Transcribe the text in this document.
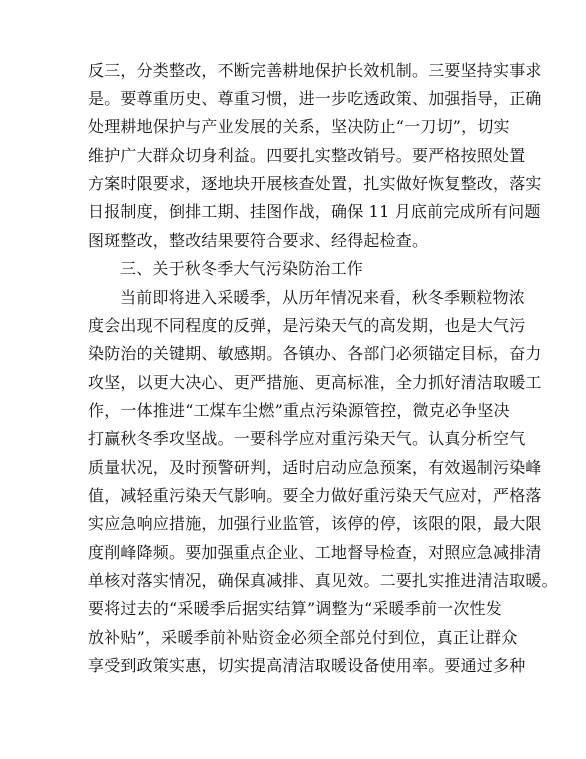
反三，分类整改，不断完善耕地保护长效机制。三要坚持实事求
是。要尊重历史、尊重习惯，进一步吃透政策、加强指导，正确
处理耕地保护与产业发展的关系，坚决防止“一刀切”，切实
维护广大群众切身利益。四要扎实整改销号。要严格按照处置
方案时限要求，逐地块开展核查处置，扎实做好恢复整改，落实
日报制度，倒排工期、挂图作战，确保 11 月底前完成所有问题
图斑整改，整改结果要符合要求、经得起检查。
三、关于秋冬季大气污染防治工作
当前即将进入采暖季，从历年情况来看，秋冬季颗粒物浓
度会出现不同程度的反弹，是污染天气的高发期，也是大气污
染防治的关键期、敏感期。各镇办、各部门必须锚定目标，奋力
攻坚，以更大决心、更严措施、更高标准，全力抓好清洁取暖工
作，一体推进“工煤车尘燃”重点污染源管控，微克必争坚决
打赢秋冬季攻坚战。一要科学应对重污染天气。认真分析空气
质量状况，及时预警研判，适时启动应急预案，有效遏制污染峰
值，减轻重污染天气影响。要全力做好重污染天气应对，严格落
实应急响应措施，加强行业监管，该停的停，该限的限，最大限
度削峰降频。要加强重点企业、工地督导检查，对照应急减排清
单核对落实情况，确保真减排、真见效。二要扎实推进清洁取暖。
要将过去的“采暖季后据实结算”调整为“采暖季前一次性发
放补贴”，采暖季前补贴资金必须全部兑付到位，真正让群众
享受到政策实惠，切实提高清洁取暖设备使用率。要通过多种
